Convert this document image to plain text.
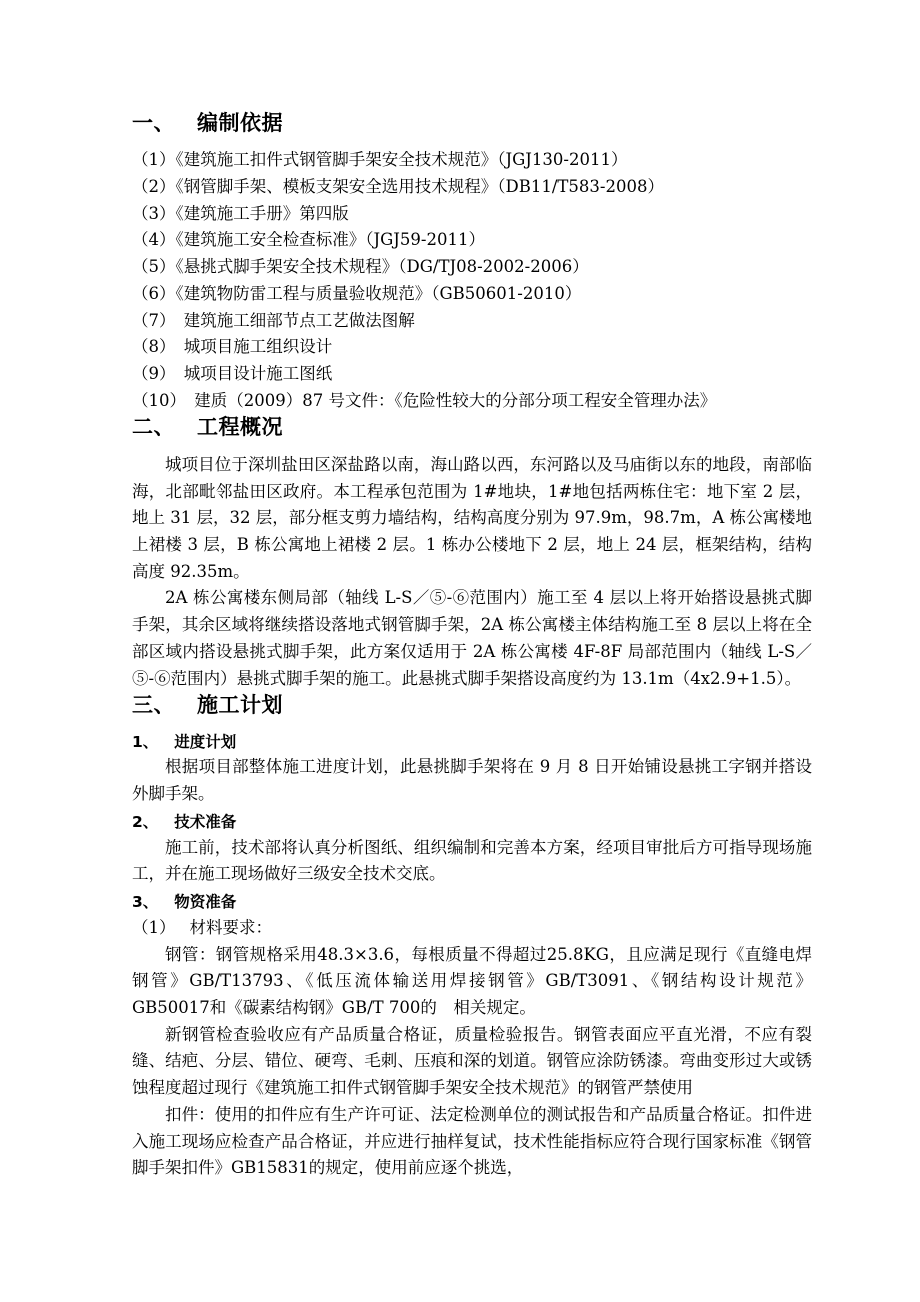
一、 编制依据

（1）《建筑施工扣件式钢管脚手架安全技术规范》（JGJ130-2011）

（2）《钢管脚手架、模板支架安全选用技术规程》（DB11/T583-2008）

（3）《建筑施工手册》第四版

（4）《建筑施工安全检查标准》（JGJ59-2011）

（5）《悬挑式脚手架安全技术规程》（DG/TJ08-2002-2006）

（6）《建筑物防雷工程与质量验收规范》（GB50601-2010）

（7）　建筑施工细部节点工艺做法图解

（8）　城项目施工组织设计

（9）　城项目设计施工图纸

（10）　建质（2009）87 号文件：《危险性较大的分部分项工程安全管理办法》

二、 工程概况

城项目位于深圳盐田区深盐路以南，海山路以西，东河路以及马庙街以东的地段，南部临海，北部毗邻盐田区政府。本工程承包范围为 1#地块，1#地包括两栋住宅：地下室 2 层，地上 31 层，32 层，部分框支剪力墙结构，结构高度分别为 97.9m，98.7m，A 栋公寓楼地上裙楼 3 层，B 栋公寓地上裙楼 2 层。1 栋办公楼地下 2 层，地上 24 层，框架结构，结构高度 92.35m。

2A 栋公寓楼东侧局部（轴线 L-S／⑤-⑥范围内）施工至 4 层以上将开始搭设悬挑式脚手架，其余区域将继续搭设落地式钢管脚手架，2A 栋公寓楼主体结构施工至 8 层以上将在全部区域内搭设悬挑式脚手架，此方案仅适用于 2A 栋公寓楼 4F-8F 局部范围内（轴线 L-S／⑤-⑥范围内）悬挑式脚手架的施工。此悬挑式脚手架搭设高度约为 13.1m（4x2.9+1.5）。

三、 施工计划

1、 进度计划

根据项目部整体施工进度计划，此悬挑脚手架将在 9 月 8 日开始铺设悬挑工字钢并搭设外脚手架。

2、 技术准备

施工前，技术部将认真分析图纸、组织编制和完善本方案，经项目审批后方可指导现场施工，并在施工现场做好三级安全技术交底。

3、 物资准备

（1） 材料要求：

钢管：钢管规格采用48.3×3.6，每根质量不得超过25.8KG，且应满足现行《直缝电焊钢管》GB/T13793、《低压流体输送用焊接钢管》GB/T3091、《钢结构设计规范》GB50017和《碳素结构钢》GB/T 700的　相关规定。

新钢管检查验收应有产品质量合格证，质量检验报告。钢管表面应平直光滑，不应有裂缝、结疤、分层、错位、硬弯、毛刺、压痕和深的划道。钢管应涂防锈漆。弯曲变形过大或锈蚀程度超过现行《建筑施工扣件式钢管脚手架安全技术规范》的钢管严禁使用

扣件：使用的扣件应有生产许可证、法定检测单位的测试报告和产品质量合格证。扣件进入施工现场应检查产品合格证，并应进行抽样复试，技术性能指标应符合现行国家标准《钢管脚手架扣件》GB15831的规定，使用前应逐个挑选，
